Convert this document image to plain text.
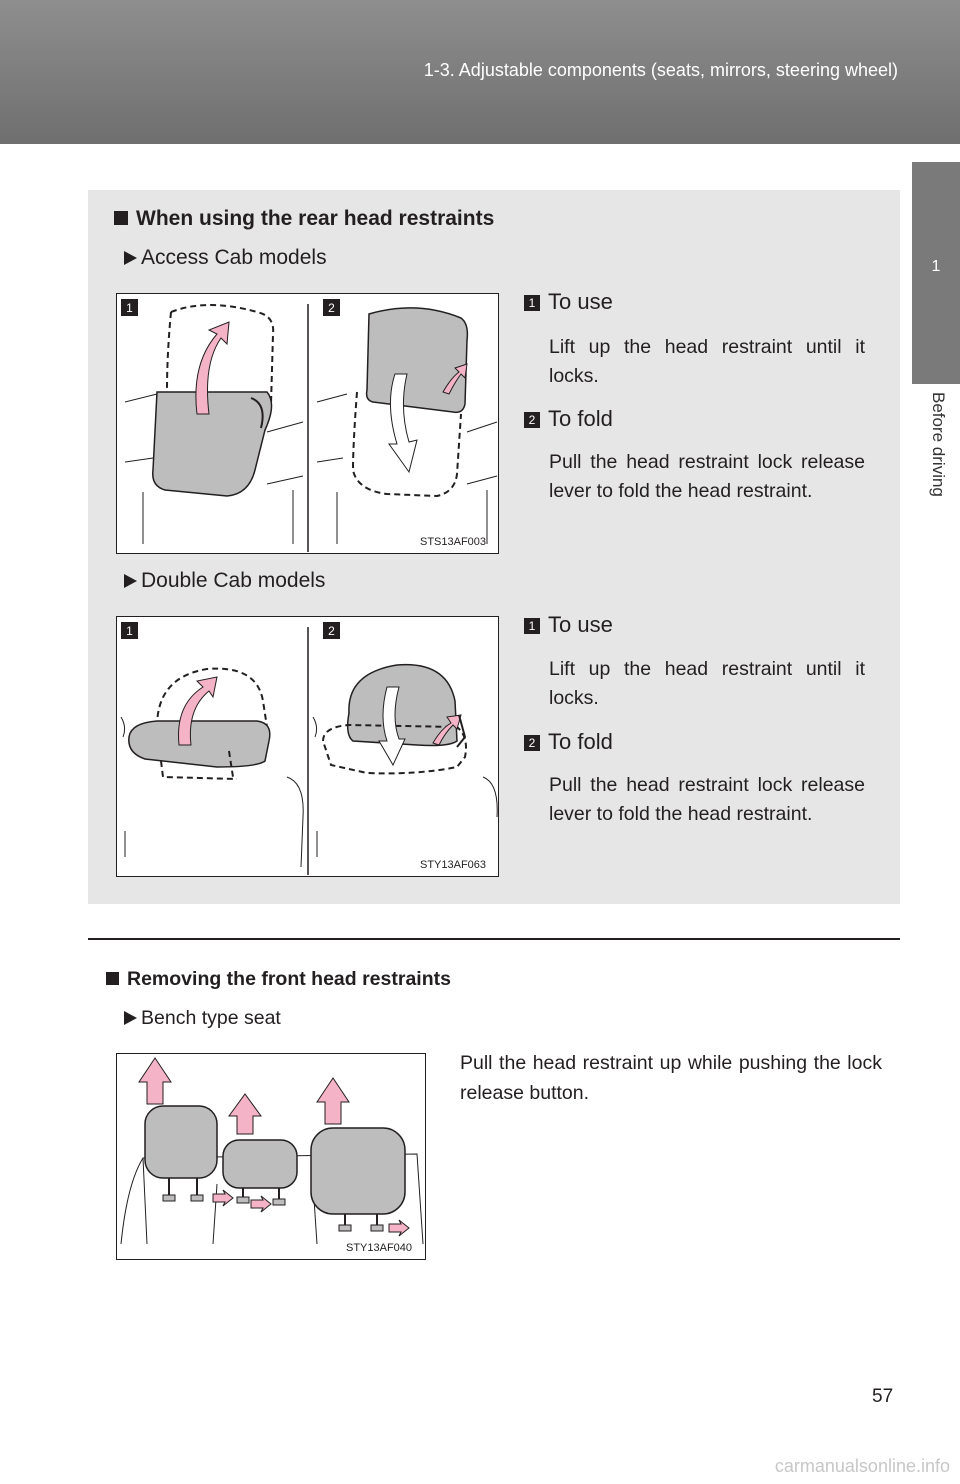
1-3. Adjustable components (seats, mirrors, steering wheel)
1
Before driving
When using the rear head restraints
Access Cab models
1	2
STS13AF003
1 To use
Lift up the head restraint until it locks.
2 To fold
Pull the head restraint lock release lever to fold the head restraint.
Double Cab models
1	2
STY13AF063
1 To use
Lift up the head restraint until it locks.
2 To fold
Pull the head restraint lock release lever to fold the head restraint.
Removing the front head restraints
Bench type seat
STY13AF040
Pull the head restraint up while pushing the lock release button.
57
carmanualsonline.info
